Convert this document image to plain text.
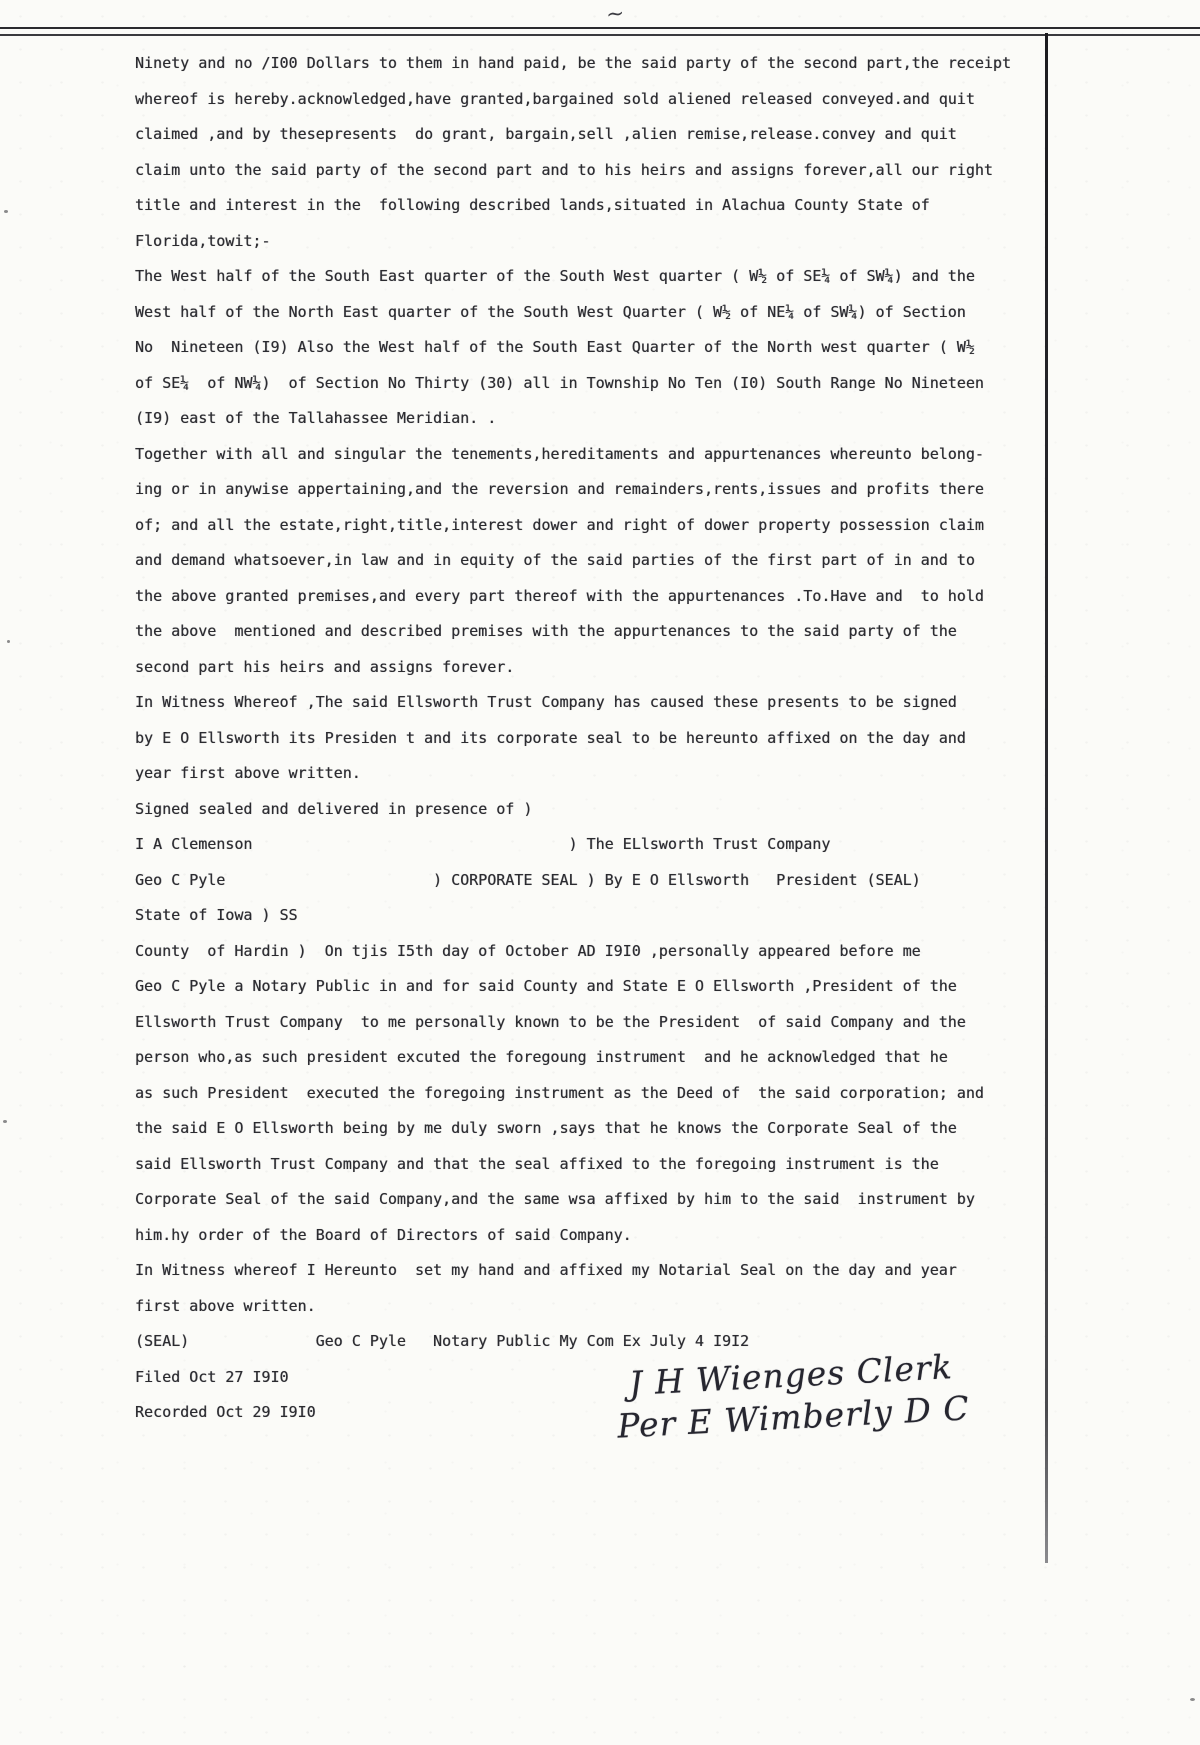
~
Ninety and no /I00 Dollars to them in hand paid, be the said party of the second part,the receipt
whereof is hereby.acknowledged,have granted,bargained sold aliened released conveyed.and quit
claimed ,and by thesepresents  do grant, bargain,sell ,alien remise,release.convey and quit
claim unto the said party of the second part and to his heirs and assigns forever,all our right
title and interest in the  following described lands,situated in Alachua County State of
Florida,towit;-
The West half of the South East quarter of the South West quarter ( W½ of SE¼ of SW¼) and the
West half of the North East quarter of the South West Quarter ( W½ of NE¼ of SW¼) of Section
No  Nineteen (I9) Also the West half of the South East Quarter of the North west quarter ( W½
of SE¼  of NW¼)  of Section No Thirty (30) all in Township No Ten (I0) South Range No Nineteen
(I9) east of the Tallahassee Meridian. .
Together with all and singular the tenements,hereditaments and appurtenances whereunto belong-
ing or in anywise appertaining,and the reversion and remainders,rents,issues and profits there
of; and all the estate,right,title,interest dower and right of dower property possession claim
and demand whatsoever,in law and in equity of the said parties of the first part of in and to
the above granted premises,and every part thereof with the appurtenances .To.Have and  to hold
the above  mentioned and described premises with the appurtenances to the said party of the
second part his heirs and assigns forever.
In Witness Whereof ,The said Ellsworth Trust Company has caused these presents to be signed
by E O Ellsworth its Presiden t and its corporate seal to be hereunto affixed on the day and
year first above written.
Signed sealed and delivered in presence of )
I A Clemenson                                   ) The ELlsworth Trust Company
Geo C Pyle                       ) CORPORATE SEAL ) By E O Ellsworth   President (SEAL)
State of Iowa ) SS
County  of Hardin )  On tjis I5th day of October AD I9I0 ,personally appeared before me
Geo C Pyle a Notary Public in and for said County and State E O Ellsworth ,President of the
Ellsworth Trust Company  to me personally known to be the President  of said Company and the
person who,as such president excuted the foregoung instrument  and he acknowledged that he
as such President  executed the foregoing instrument as the Deed of  the said corporation; and
the said E O Ellsworth being by me duly sworn ,says that he knows the Corporate Seal of the
said Ellsworth Trust Company and that the seal affixed to the foregoing instrument is the
Corporate Seal of the said Company,and the same wsa affixed by him to the said  instrument by
him.hy order of the Board of Directors of said Company.
In Witness whereof I Hereunto  set my hand and affixed my Notarial Seal on the day and year
first above written.
(SEAL)              Geo C Pyle   Notary Public My Com Ex July 4 I9I2
Filed Oct 27 I9I0
Recorded Oct 29 I9I0
J H Wienges Clerk
Per E Wimberly D C
